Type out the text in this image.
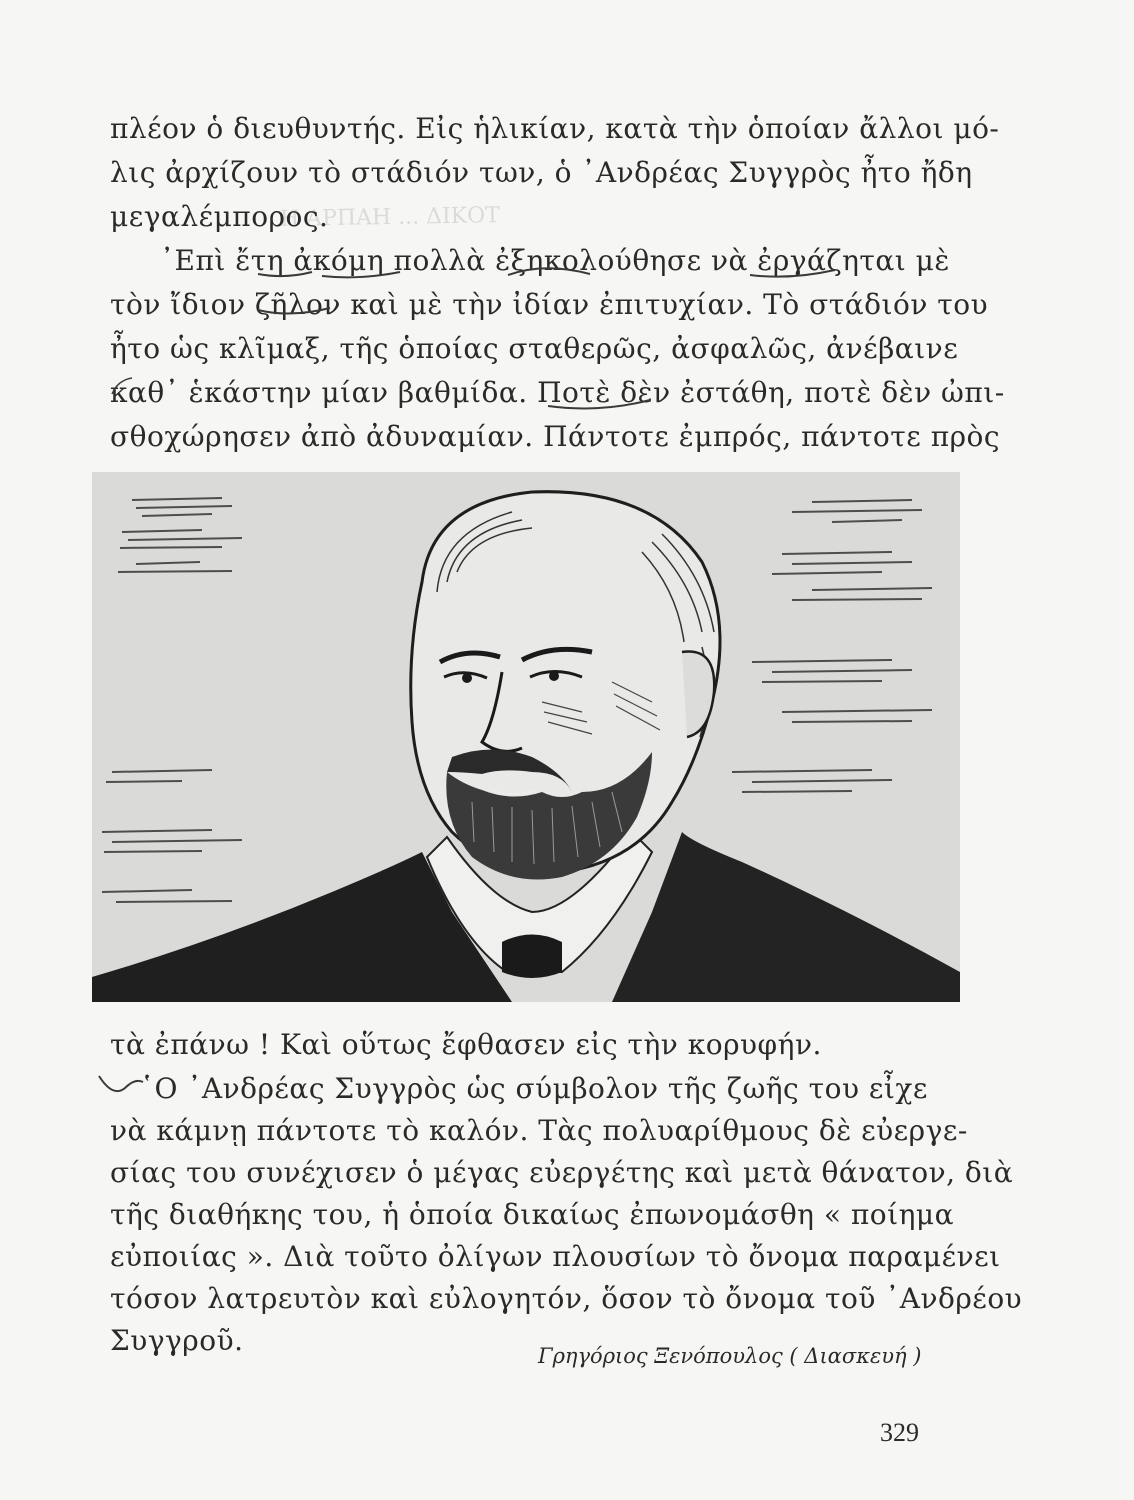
Η ΑΡΠΑΗ ... ΔΙΚΟΤ
πλέον ὁ διευθυντής. Εἰς ἡλικίαν, κατὰ τὴν ὁποίαν ἄλλοι μό-
λις ἀρχίζουν τὸ στάδιόν των, ὁ ᾿Ανδρέας Συγγρὸς ἦτο ἤδη
μεγαλέμπορος.
᾿Επὶ ἔτη ἀκόμη πολλὰ ἐξηκολούθησε νὰ ἐργάζηται μὲ
τὸν ἴδιον ζῆλον καὶ μὲ τὴν ἰδίαν ἐπιτυχίαν. Τὸ στάδιόν του
ἦτο ὡς κλῖμαξ, τῆς ὁποίας σταθερῶς, ἀσφαλῶς, ἀνέβαινε
καθ᾿ ἑκάστην μίαν βαθμίδα. Ποτὲ δὲν ἐστάθη, ποτὲ δὲν ὠπι-
σθοχώρησεν ἀπὸ ἀδυναμίαν. Πάντοτε ἐμπρός, πάντοτε πρὸς
τὰ ἐπάνω ! Καὶ οὕτως ἔφθασεν εἰς τὴν κορυφήν.
῾Ο ᾿Ανδρέας Συγγρὸς ὡς σύμβολον τῆς ζωῆς του εἶχε
νὰ κάμνῃ πάντοτε τὸ καλόν. Τὰς πολυαρίθμους δὲ εὐεργε-
σίας του συνέχισεν ὁ μέγας εὐεργέτης καὶ μετὰ θάνατον, διὰ
τῆς διαθήκης του, ἡ ὁποία δικαίως ἐπωνομάσθη « ποίημα
εὐποιίας ». Διὰ τοῦτο ὀλίγων πλουσίων τὸ ὄνομα παραμένει
τόσον λατρευτὸν καὶ εὐλογητόν, ὅσον τὸ ὄνομα τοῦ ᾿Ανδρέου
Συγγροῦ.	Γρηγόριος Ξενόπουλος ( Διασκευή )
329
